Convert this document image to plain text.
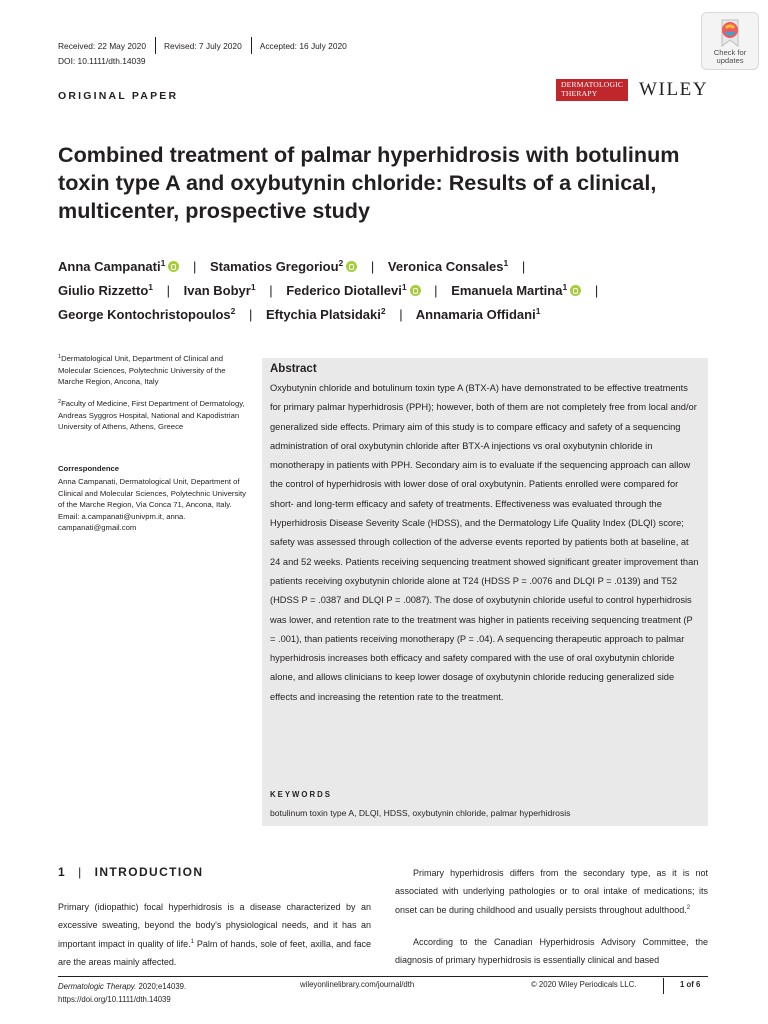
Received: 22 May 2020 Revised: 7 July 2020 Accepted: 16 July 2020
DOI: 10.1111/dth.14039
Check for updates
ORIGINAL PAPER
DERMATOLOGIC THERAPY	WILEY
Combined treatment of palmar hyperhidrosis with botulinum toxin type A and oxybutynin chloride: Results of a clinical, multicenter, prospective study
Anna Campanati$^1$ | Stamatios Gregoriou$^2$ | Veronica Consales$^1$ |
Giulio Rizzetto$^1$ | Ivan Bobyr$^1$ | Federico Diotallevi$^1$ | Emanuela Martina$^1$ |
George Kontochristopoulos$^2$ | Eftychia Platsidaki$^2$ | Annamaria Offidani$^1$
$^1$Dermatological Unit, Department of Clinical and Molecular Sciences, Polytechnic University of the Marche Region, Ancona, Italy
$^2$Faculty of Medicine, First Department of Dermatology, Andreas Syggros Hospital, National and Kapodistrian University of Athens, Athens, Greece
Correspondence
Anna Campanati, Dermatological Unit, Department of Clinical and Molecular Sciences, Polytechnic University of the Marche Region, Via Conca 71, Ancona, Italy. Email: a.campanati@univpm.it, anna. campanati@gmail.com
Abstract

Oxybutynin chloride and botulinum toxin type A (BTX-A) have demonstrated to be effective treatments for primary palmar hyperhidrosis (PPH); however, both of them are not completely free from local and/or generalized side effects. Primary aim of this study is to compare efficacy and safety of a sequencing administration of oral oxybutynin chloride after BTX-A injections vs oral oxybutynin chloride in monotherapy in patients with PPH. Secondary aim is to evaluate if the sequencing approach can allow the control of hyperhidrosis with lower dose of oral oxybutynin. Patients enrolled were compared for short- and long-term efficacy and safety of treatments. Effectiveness was evaluated through the Hyperhidrosis Disease Severity Scale (HDSS), and the Dermatology Life Quality Index (DLQI) score; safety was assessed through collection of the adverse events reported by patients both at baseline, at 24 and 52 weeks. Patients receiving sequencing treatment showed significant greater improvement than patients receiving oxybutynin chloride alone at T24 (HDSS P = .0076 and DLQI P = .0139) and T52 (HDSS P = .0387 and DLQI P = .0087). The dose of oxybutynin chloride useful to control hyperhidrosis was lower, and retention rate to the treatment was higher in patients receiving sequencing treatment (P = .001), than patients receiving monotherapy (P = .04). A sequencing therapeutic approach to palmar hyperhidrosis increases both efficacy and safety compared with the use of oral oxybutynin chloride alone, and allows clinicians to keep lower dosage of oxybutynin chloride reducing generalized side effects and increasing the retention rate to the treatment.

KEYWORDS
botulinum toxin type A, DLQI, HDSS, oxybutynin chloride, palmar hyperhidrosis
1 | INTRODUCTION

Primary (idiopathic) focal hyperhidrosis is a disease characterized by an excessive sweating, beyond the body's physiological needs, and it has an important impact in quality of life.$^1$ Palm of hands, sole of feet, axilla, and face are the areas mainly affected.

Primary hyperhidrosis differs from the secondary type, as it is not associated with underlying pathologies or to oral intake of medications; its onset can be during childhood and usually persists throughout adulthood.$^2$

According to the Canadian Hyperhidrosis Advisory Committee, the diagnosis of primary hyperhidrosis is essentially clinical and based

Dermatologic Therapy. 2020;e14039.
https://doi.org/10.1111/dth.14039
wileyonlinelibrary.com/journal/dth	© 2020 Wiley Periodicals LLC.	1 of 6
